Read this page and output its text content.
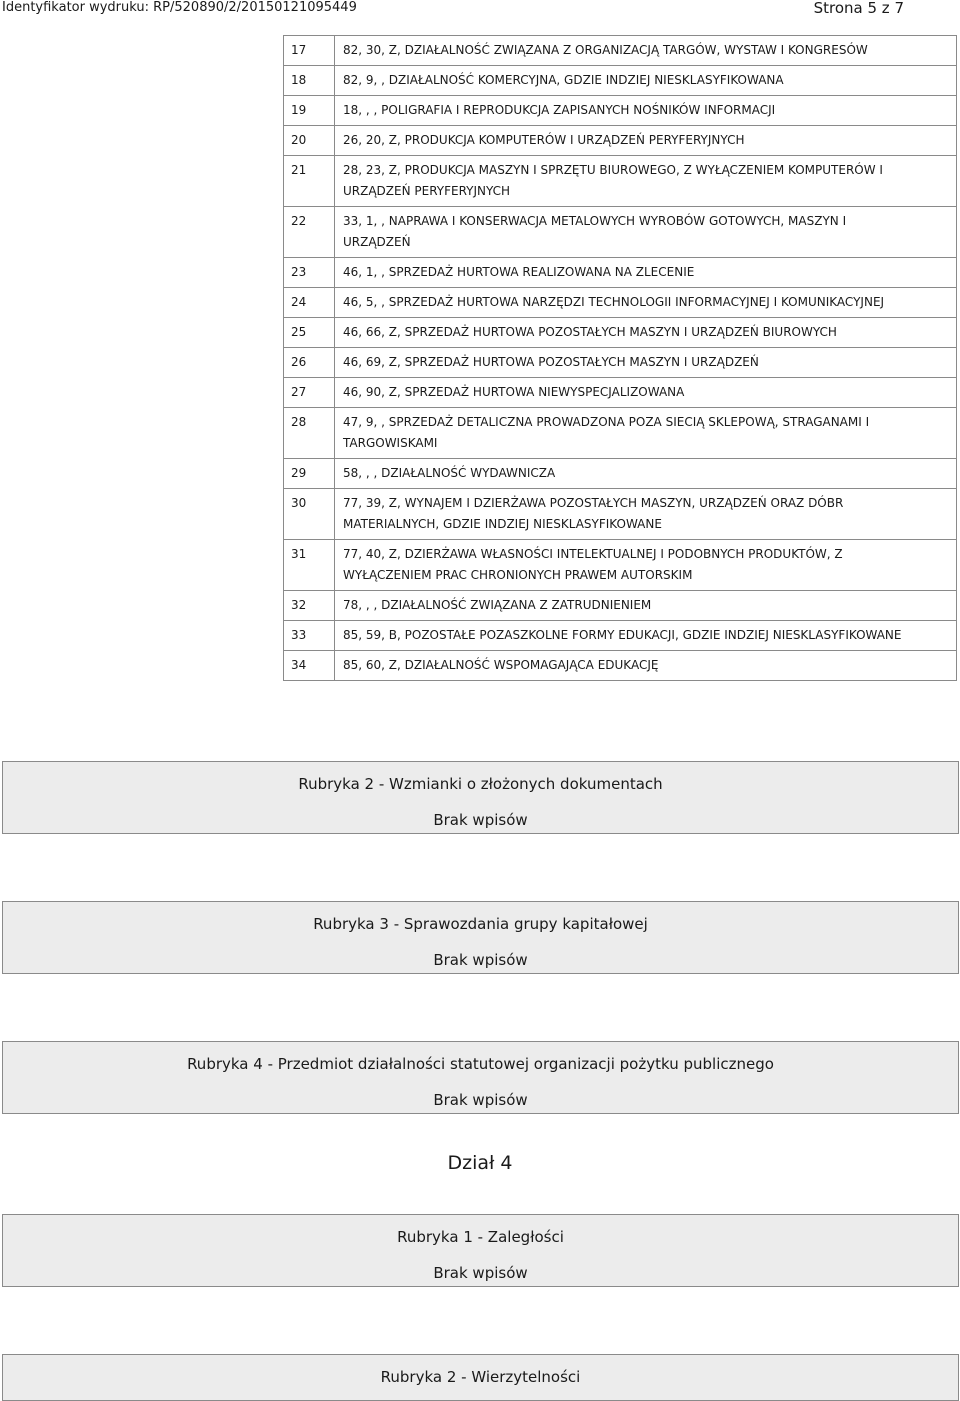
Identyfikator wydruku: RP/520890/2/20150121095449	Strona 5 z 7
17	82, 30, Z, DZIAŁALNOŚĆ ZWIĄZANA Z ORGANIZACJĄ TARGÓW, WYSTAW I KONGRESÓW

18	82, 9, , DZIAŁALNOŚĆ KOMERCYJNA, GDZIE INDZIEJ NIESKLASYFIKOWANA

19	18, , , POLIGRAFIA I REPRODUKCJA ZAPISANYCH NOŚNIKÓW INFORMACJI

20	26, 20, Z, PRODUKCJA KOMPUTERÓW I URZĄDZEŃ PERYFERYJNYCH

21	28, 23, Z, PRODUKCJA MASZYN I SPRZĘTU BIUROWEGO, Z WYŁĄCZENIEM KOMPUTERÓW I
URZĄDZEŃ PERYFERYJNYCH

22	33, 1, , NAPRAWA I KONSERWACJA METALOWYCH WYROBÓW GOTOWYCH, MASZYN I
URZĄDZEŃ

23	46, 1, , SPRZEDAŻ HURTOWA REALIZOWANA NA ZLECENIE

24	46, 5, , SPRZEDAŻ HURTOWA NARZĘDZI TECHNOLOGII INFORMACYJNEJ I KOMUNIKACYJNEJ

25	46, 66, Z, SPRZEDAŻ HURTOWA POZOSTAŁYCH MASZYN I URZĄDZEŃ BIUROWYCH

26	46, 69, Z, SPRZEDAŻ HURTOWA POZOSTAŁYCH MASZYN I URZĄDZEŃ

27	46, 90, Z, SPRZEDAŻ HURTOWA NIEWYSPECJALIZOWANA

28	47, 9, , SPRZEDAŻ DETALICZNA PROWADZONA POZA SIECIĄ SKLEPOWĄ, STRAGANAMI I
TARGOWISKAMI

29	58, , , DZIAŁALNOŚĆ WYDAWNICZA

30	77, 39, Z, WYNAJEM I DZIERŻAWA POZOSTAŁYCH MASZYN, URZĄDZEŃ ORAZ DÓBR
MATERIALNYCH, GDZIE INDZIEJ NIESKLASYFIKOWANE

31	77, 40, Z, DZIERŻAWA WŁASNOŚCI INTELEKTUALNEJ I PODOBNYCH PRODUKTÓW, Z
WYŁĄCZENIEM PRAC CHRONIONYCH PRAWEM AUTORSKIM

32	78, , , DZIAŁALNOŚĆ ZWIĄZANA Z ZATRUDNIENIEM

33	85, 59, B, POZOSTAŁE POZASZKOLNE FORMY EDUKACJI, GDZIE INDZIEJ NIESKLASYFIKOWANE

34	85, 60, Z, DZIAŁALNOŚĆ WSPOMAGAJĄCA EDUKACJĘ
Rubryka 2 - Wzmianki o złożonych dokumentach
Brak wpisów
Rubryka 3 - Sprawozdania grupy kapitałowej
Brak wpisów
Rubryka 4 - Przedmiot działalności statutowej organizacji pożytku publicznego
Brak wpisów
Dział 4
Rubryka 1 - Zaległości
Brak wpisów
Rubryka 2 - Wierzytelności
